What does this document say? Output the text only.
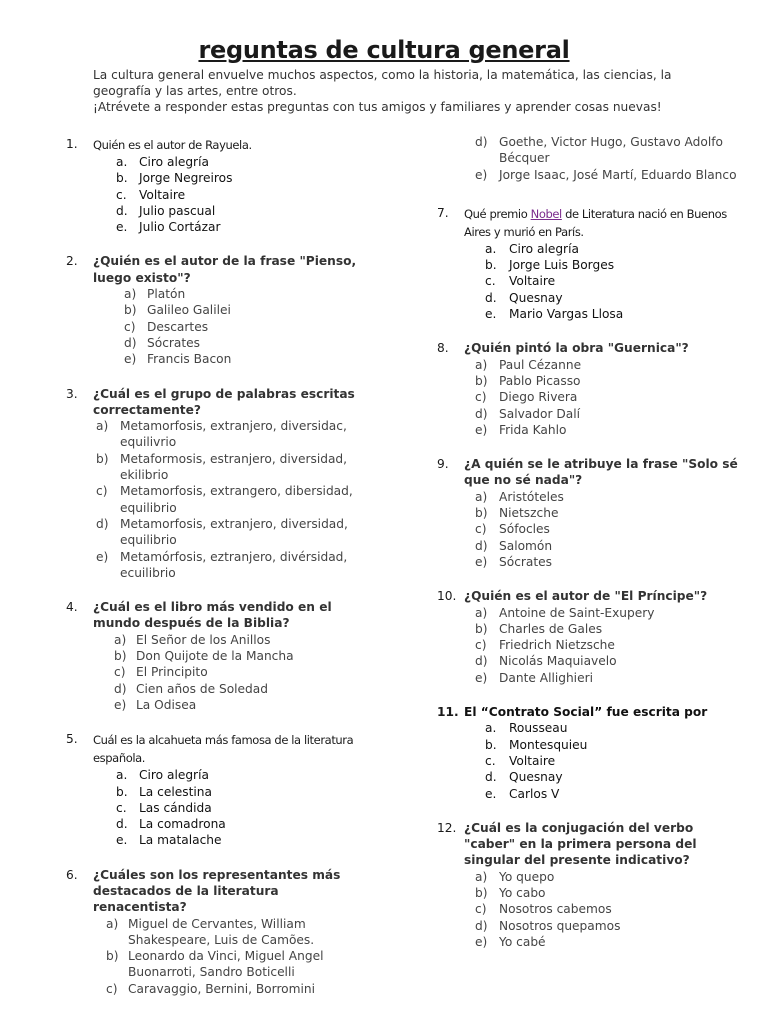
reguntas de cultura general

La cultura general envuelve muchos aspectos, como la historia, la matemática, las ciencias, la geografía y las artes, entre otros.

¡Atrévete a responder estas preguntas con tus amigos y familiares y aprender cosas nuevas!

1. Quién es el autor de Rayuela.
a. Ciro alegría
b. Jorge Negreiros
c. Voltaire
d. Julio pascual
e. Julio Cortázar
2. ¿Quién es el autor de la frase "Pienso, luego existo"?
a) Platón
b) Galileo Galilei
c) Descartes
d) Sócrates
e) Francis Bacon
3. ¿Cuál es el grupo de palabras escritas correctamente?
a) Metamorfosis, extranjero, diversidac, equilivrio
b) Metaformosis, estranjero, diversidad, ekilibrio
c) Metamorfosis, extrangero, dibersidad, equilibrio
d) Metamorfosis, extranjero, diversidad, equilibrio
e) Metamórfosis, eztranjero, divérsidad, ecuilibrio
4. ¿Cuál es el libro más vendido en el mundo después de la Biblia?
a) El Señor de los Anillos
b) Don Quijote de la Mancha
c) El Principito
d) Cien años de Soledad
e) La Odisea
5. Cuál es la alcahueta más famosa de la literatura española.
a. Ciro alegría
b. La celestina
c. Las cándida
d. La comadrona
e. La matalache
6. ¿Cuáles son los representantes más destacados de la literatura renacentista?
a) Miguel de Cervantes, William Shakespeare, Luis de Camões.
b) Leonardo da Vinci, Miguel Angel Buonarroti, Sandro Boticelli
c) Caravaggio, Bernini, Borromini
d) Goethe, Victor Hugo, Gustavo Adolfo Bécquer
e) Jorge Isaac, José Martí, Eduardo Blanco
7. Qué premio Nobel de Literatura nació en Buenos Aires y murió en París.
a. Ciro alegría
b. Jorge Luis Borges
c. Voltaire
d. Quesnay
e. Mario Vargas Llosa
8. ¿Quién pintó la obra "Guernica"?
a) Paul Cézanne
b) Pablo Picasso
c) Diego Rivera
d) Salvador Dalí
e) Frida Kahlo
9. ¿A quién se le atribuye la frase "Solo sé que no sé nada"?
a) Aristóteles
b) Nietszche
c) Sófocles
d) Salomón
e) Sócrates
10. ¿Quién es el autor de "El Príncipe"?
a) Antoine de Saint-Exupery
b) Charles de Gales
c) Friedrich Nietzsche
d) Nicolás Maquiavelo
e) Dante Allighieri
11. El “Contrato Social” fue escrita por
a. Rousseau
b. Montesquieu
c. Voltaire
d. Quesnay
e. Carlos V
12. ¿Cuál es la conjugación del verbo "caber" en la primera persona del singular del presente indicativo?
a) Yo quepo
b) Yo cabo
c) Nosotros cabemos
d) Nosotros quepamos
e) Yo cabé
